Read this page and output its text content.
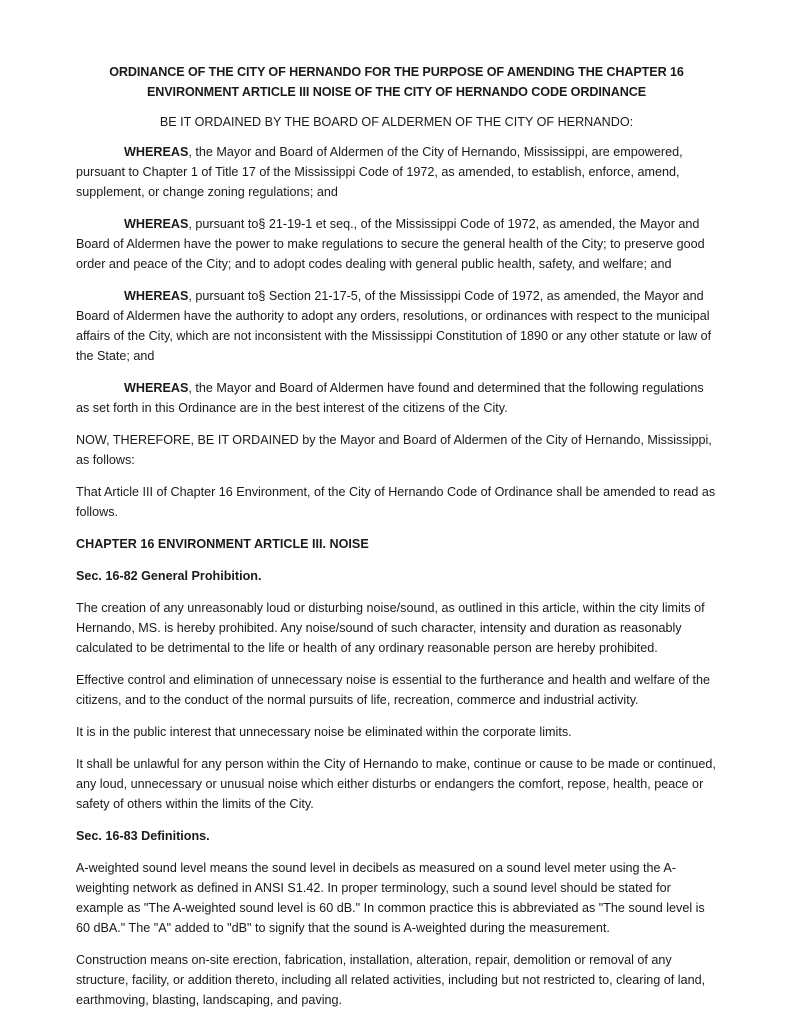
ORDINANCE OF THE CITY OF HERNANDO FOR THE PURPOSE OF AMENDING THE CHAPTER 16
ENVIRONMENT ARTICLE III NOISE OF THE CITY OF HERNANDO CODE ORDINANCE
BE IT ORDAINED BY THE BOARD OF ALDERMEN OF THE CITY OF HERNANDO:

WHEREAS, the Mayor and Board of Aldermen of the City of Hernando, Mississippi, are empowered, pursuant to Chapter 1 of Title 17 of the Mississippi Code of 1972, as amended, to establish, enforce, amend, supplement, or change zoning regulations; and

WHEREAS, pursuant to§ 21-19-1 et seq., of the Mississippi Code of 1972, as amended, the Mayor and Board of Aldermen have the power to make regulations to secure the general health of the City; to preserve good order and peace of the City; and to adopt codes dealing with general public health, safety, and welfare; and

WHEREAS, pursuant to§ Section 21-17-5, of the Mississippi Code of 1972, as amended, the Mayor and Board of Aldermen have the authority to adopt any orders, resolutions, or ordinances with respect to the municipal affairs of the City, which are not inconsistent with the Mississippi Constitution of 1890 or any other statute or law of the State; and

WHEREAS, the Mayor and Board of Aldermen have found and determined that the following regulations as set forth in this Ordinance are in the best interest of the citizens of the City.

NOW, THEREFORE, BE IT ORDAINED by the Mayor and Board of Aldermen of the City of Hernando, Mississippi, as follows:

That Article III of Chapter 16 Environment, of the City of Hernando Code of Ordinance shall be amended to read as follows.

CHAPTER 16 ENVIRONMENT ARTICLE III. NOISE
Sec. 16-82 General Prohibition.

The creation of any unreasonably loud or disturbing noise/sound, as outlined in this article, within the city limits of Hernando, MS. is hereby prohibited. Any noise/sound of such character, intensity and duration as reasonably calculated to be detrimental to the life or health of any ordinary reasonable person are hereby prohibited.

Effective control and elimination of unnecessary noise is essential to the furtherance and health and welfare of the citizens, and to the conduct of the normal pursuits of life, recreation, commerce and industrial activity.

It is in the public interest that unnecessary noise be eliminated within the corporate limits.

It shall be unlawful for any person within the City of Hernando to make, continue or cause to be made or continued, any loud, unnecessary or unusual noise which either disturbs or endangers the comfort, repose, health, peace or safety of others within the limits of the City.

Sec. 16-83 Definitions.

A-weighted sound level means the sound level in decibels as measured on a sound level meter using the A-weighting network as defined in ANSI S1.42. In proper terminology, such a sound level should be stated for example as "The A-weighted sound level is 60 dB." In common practice this is abbreviated as "The sound level is 60 dBA." The "A" added to "dB" to signify that the sound is A-weighted during the measurement.

Construction means on-site erection, fabrication, installation, alteration, repair, demolition or removal of any structure, facility, or addition thereto, including all related activities, including but not restricted to, clearing of land, earthmoving, blasting, landscaping, and paving.
